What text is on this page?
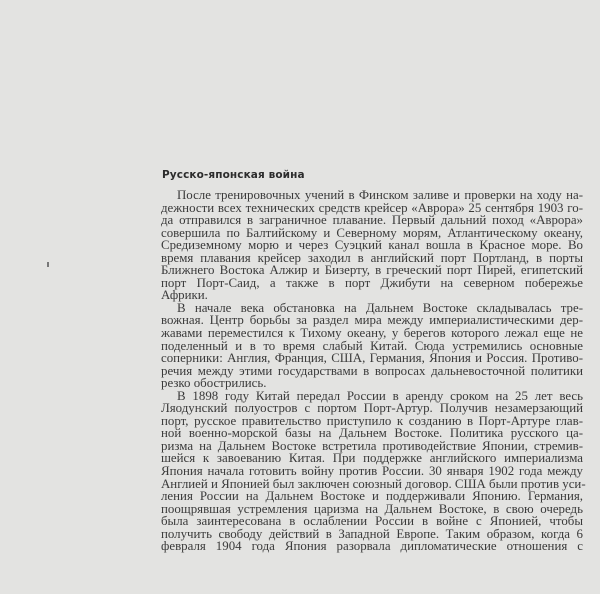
Русско-японская война
После тренировочных учений в Финском заливе и проверки на ходу на-
дежности всех технических средств крейсер «Аврора» 25 сентября 1903 го-
да отправился в заграничное плавание. Первый дальний поход «Аврора»
совершила по Балтийскому и Северному морям, Атлантическому океану,
Средиземному морю и через Суэцкий канал вошла в Красное море. Во
время плавания крейсер заходил в английский порт Портланд, в порты
Ближнего Востока Алжир и Бизерту, в греческий порт Пирей, египетский
порт Порт-Саид, а также в порт Джибути на северном побережье
Африки.
В начале века обстановка на Дальнем Востоке складывалась тре-
вожная. Центр борьбы за раздел мира между империалистическими дер-
жавами переместился к Тихому океану, у берегов которого лежал еще не
поделенный и в то время слабый Китай. Сюда устремились основные
соперники: Англия, Франция, США, Германия, Япония и Россия. Противо-
речия между этими государствами в вопросах дальневосточной политики
резко обострились.
В 1898 году Китай передал России в аренду сроком на 25 лет весь
Ляодунский полуостров с портом Порт-Артур. Получив незамерзающий
порт, русское правительство приступило к созданию в Порт-Артуре глав-
ной военно-морской базы на Дальнем Востоке. Политика русского ца-
ризма на Дальнем Востоке встретила противодействие Японии, стремив-
шейся к завоеванию Китая. При поддержке английского империализма
Япония начала готовить войну против России. 30 января 1902 года между
Англией и Японией был заключен союзный договор. США были против уси-
ления России на Дальнем Востоке и поддерживали Японию. Германия,
поощрявшая устремления царизма на Дальнем Востоке, в свою очередь
была заинтересована в ослаблении России в войне с Японией, чтобы
получить свободу действий в Западной Европе. Таким образом, когда 6
февраля 1904 года Япония разорвала дипломатические отношения с
